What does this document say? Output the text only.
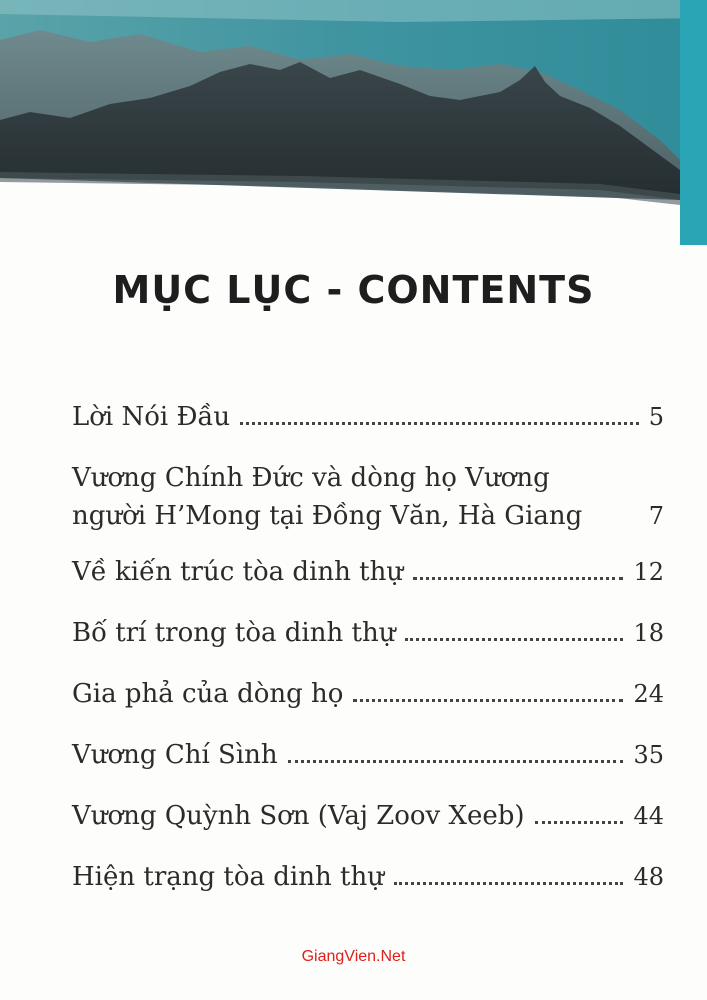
MỤC LỤC - CONTENTS
Lời Nói Đầu	5
Vương Chính Đức và dòng họ Vương
người H’Mong tại Đồng Văn, Hà Giang	7
Về kiến trúc tòa dinh thự	12
Bố trí trong tòa dinh thự	18
Gia phả của dòng họ	24
Vương Chí Sình	35
Vương Quỳnh Sơn (Vaj Zoov Xeeb)	44
Hiện trạng tòa dinh thự	48
GiangVien.Net
